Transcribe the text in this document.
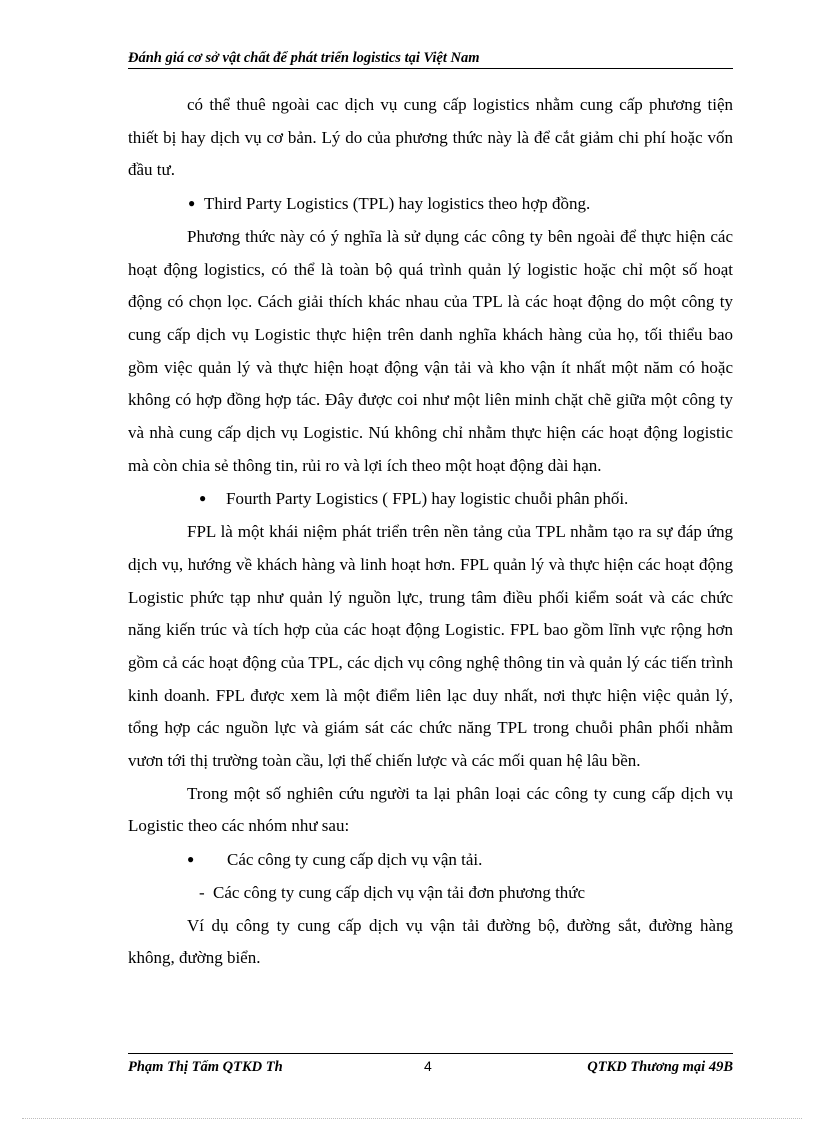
Đánh giá cơ sở vật chất để phát triển logistics tại Việt Nam

có thể thuê ngoài cac dịch vụ cung cấp logistics nhằm cung cấp phương tiện thiết bị hay dịch vụ cơ bản. Lý do của phương thức này là để cắt giảm chi phí hoặc vốn đầu tư.

● Third Party Logistics (TPL) hay logistics theo hợp đồng.

Phương thức này có ý nghĩa là sử dụng các công ty bên ngoài để thực hiện các hoạt động logistics, có thể là toàn bộ quá trình quản lý logistic hoặc chỉ một số hoạt động có chọn lọc. Cách giải thích khác nhau của TPL là các hoạt động do một công ty cung cấp dịch vụ Logistic thực hiện trên danh nghĩa khách hàng của họ, tối thiểu bao gồm việc quản lý và thực hiện hoạt động vận tải và kho vận ít nhất một năm có hoặc không có hợp đồng hợp tác. Đây được coi như một liên minh chặt chẽ giữa một công ty và nhà cung cấp dịch vụ Logistic. Nú không chỉ nhằm thực hiện các hoạt động logistic mà còn chia sẻ thông tin, rủi ro và lợi ích theo một hoạt động dài hạn.

● Fourth Party Logistics ( FPL) hay logistic chuỗi phân phối.

FPL là một khái niệm phát triển trên nền tảng của TPL nhằm tạo ra sự đáp ứng dịch vụ, hướng về khách hàng và linh hoạt hơn. FPL quản lý và thực hiện các hoạt động Logistic phức tạp như quản lý nguồn lực, trung tâm điều phối kiểm soát và các chức năng kiến trúc và tích hợp của các hoạt động Logistic. FPL bao gồm lĩnh vực rộng hơn gồm cả các hoạt động của TPL, các dịch vụ công nghệ thông tin và quản lý các tiến trình kinh doanh. FPL được xem là một điểm liên lạc duy nhất, nơi thực hiện việc quản lý, tổng hợp các nguồn lực và giám sát các chức năng TPL trong chuỗi phân phối nhằm vươn tới thị trường toàn cầu, lợi thế chiến lược và các mối quan hệ lâu bền.

Trong một số nghiên cứu người ta lại phân loại các công ty cung cấp dịch vụ Logistic theo các nhóm như sau:

● Các công ty cung cấp dịch vụ vận tải.

- Các công ty cung cấp dịch vụ vận tải đơn phương thức

Ví dụ công ty cung cấp dịch vụ vận tải đường bộ, đường sắt, đường hàng không, đường biển.

Phạm Thị Tấm QTKD Th	4	QTKD Thương mại 49B
